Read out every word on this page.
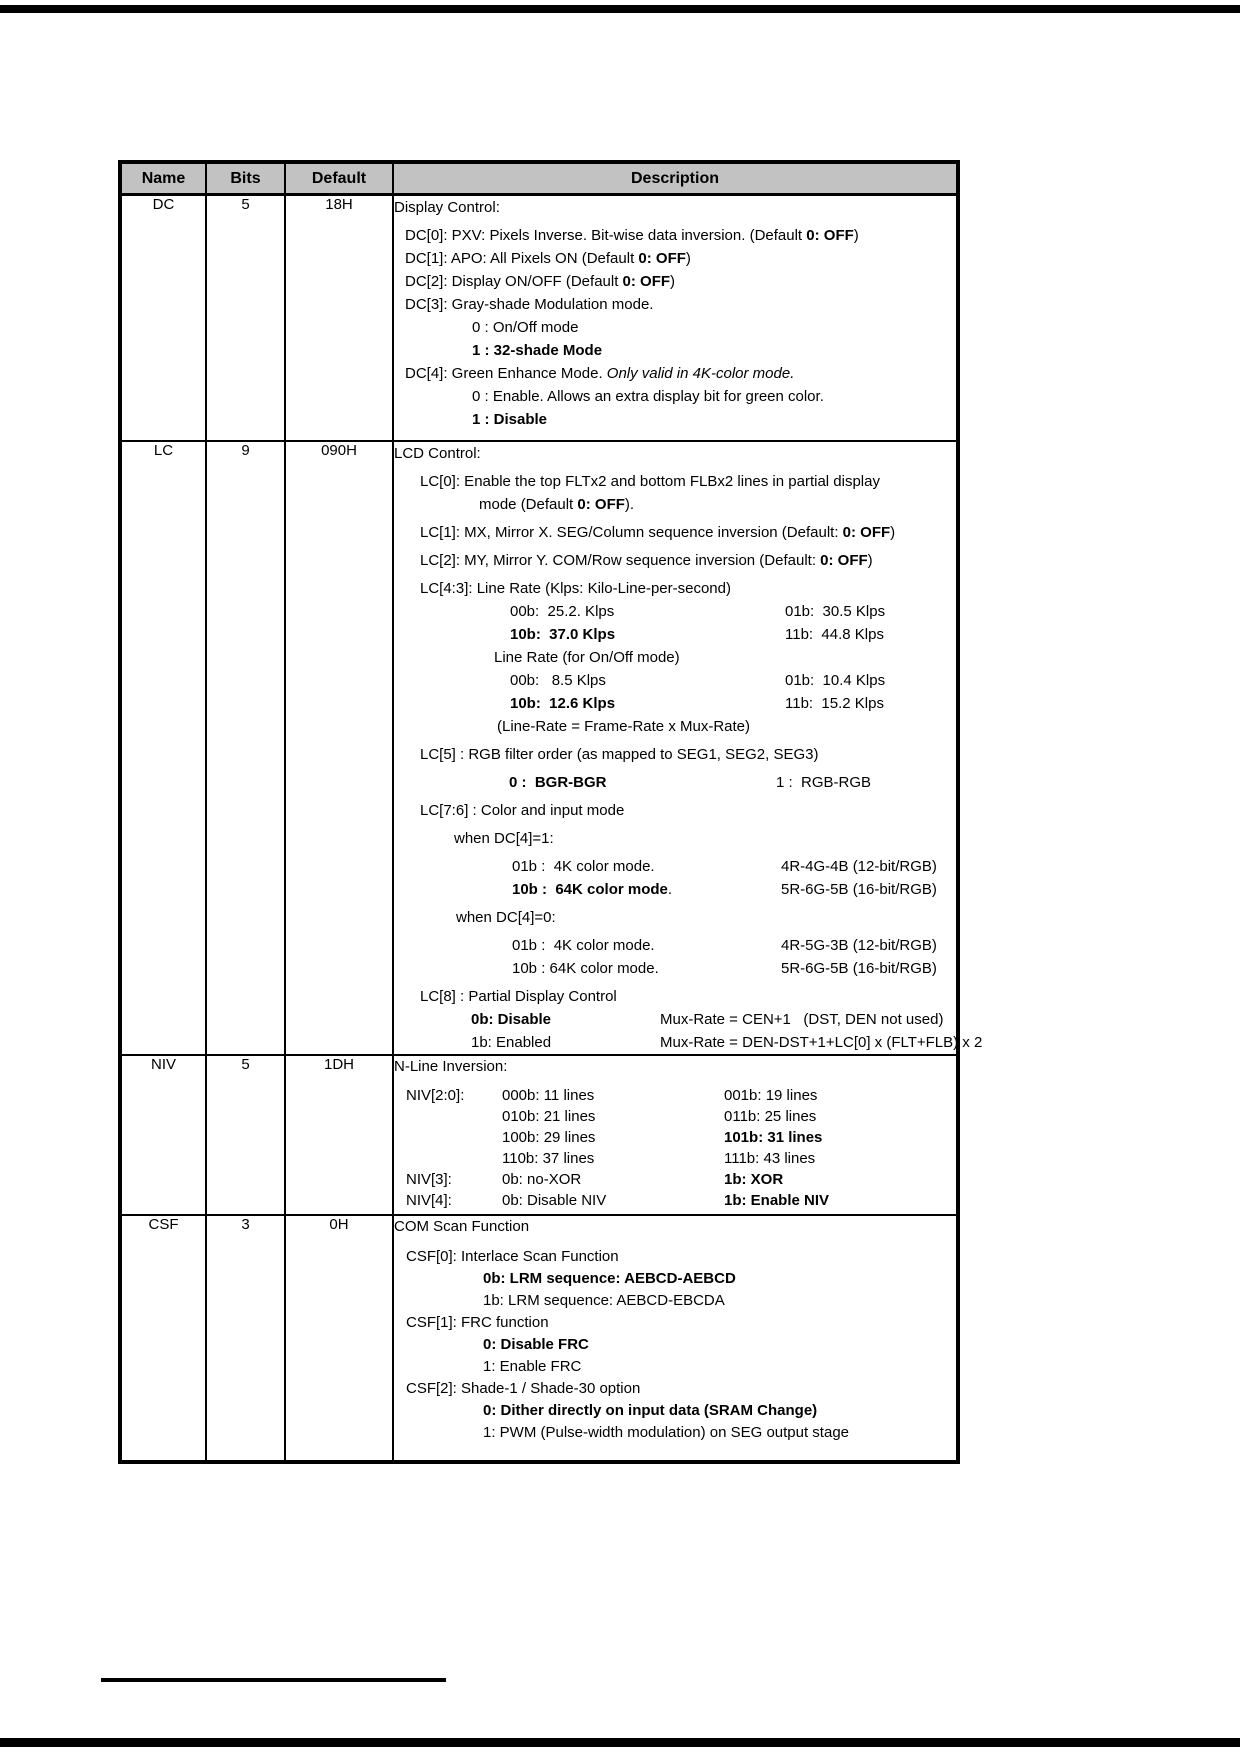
Name	Bits	Default	Description
DC	5	18H	Display Control:
DC[0]: PXV: Pixels Inverse. Bit-wise data inversion. (Default 0: OFF)
DC[1]: APO: All Pixels ON (Default 0: OFF)
DC[2]: Display ON/OFF (Default 0: OFF)
DC[3]: Gray-shade Modulation mode.
0 : On/Off mode
1 : 32-shade Mode
DC[4]: Green Enhance Mode. Only valid in 4K-color mode.
0 : Enable. Allows an extra display bit for green color.
1 : Disable

LC	9	090H	LCD Control:
LC[0]: Enable the top FLTx2 and bottom FLBx2 lines in partial display
mode (Default 0: OFF).
LC[1]: MX, Mirror X. SEG/Column sequence inversion (Default: 0: OFF)
LC[2]: MY, Mirror Y. COM/Row sequence inversion (Default: 0: OFF)
LC[4:3]: Line Rate (Klps: Kilo-Line-per-second)
00b:  25.2. Klps	01b:  30.5 Klps
10b:  37.0 Klps	11b:  44.8 Klps
Line Rate (for On/Off mode)
00b:   8.5 Klps	01b:  10.4 Klps
10b:  12.6 Klps	11b:  15.2 Klps
(Line-Rate = Frame-Rate x Mux-Rate)
LC[5] : RGB filter order (as mapped to SEG1, SEG2, SEG3)
0 :  BGR-BGR	1 :  RGB-RGB
LC[7:6] : Color and input mode
when DC[4]=1:
01b :  4K color mode.	4R-4G-4B (12-bit/RGB)
10b :  64K color mode.	5R-6G-5B (16-bit/RGB)
when DC[4]=0:
01b :  4K color mode.	4R-5G-3B (12-bit/RGB)
10b : 64K color mode.	5R-6G-5B (16-bit/RGB)
LC[8] : Partial Display Control
0b: Disable	Mux-Rate = CEN+1   (DST, DEN not used)
1b: Enabled	Mux-Rate = DEN-DST+1+LC[0] x (FLT+FLB) x 2

NIV	5	1DH	N-Line Inversion:
NIV[2:0]:	000b: 11 lines	001b: 19 lines
010b: 21 lines	011b: 25 lines
100b: 29 lines	101b: 31 lines
110b: 37 lines	111b: 43 lines
NIV[3]:	0b: no-XOR	1b: XOR
NIV[4]:	0b: Disable NIV	1b: Enable NIV

CSF	3	0H	COM Scan Function
CSF[0]: Interlace Scan Function
0b: LRM sequence: AEBCD-AEBCD
1b: LRM sequence: AEBCD-EBCDA
CSF[1]: FRC function
0: Disable FRC
1: Enable FRC
CSF[2]: Shade-1 / Shade-30 option
0: Dither directly on input data (SRAM Change)
1: PWM (Pulse-width modulation) on SEG output stage
